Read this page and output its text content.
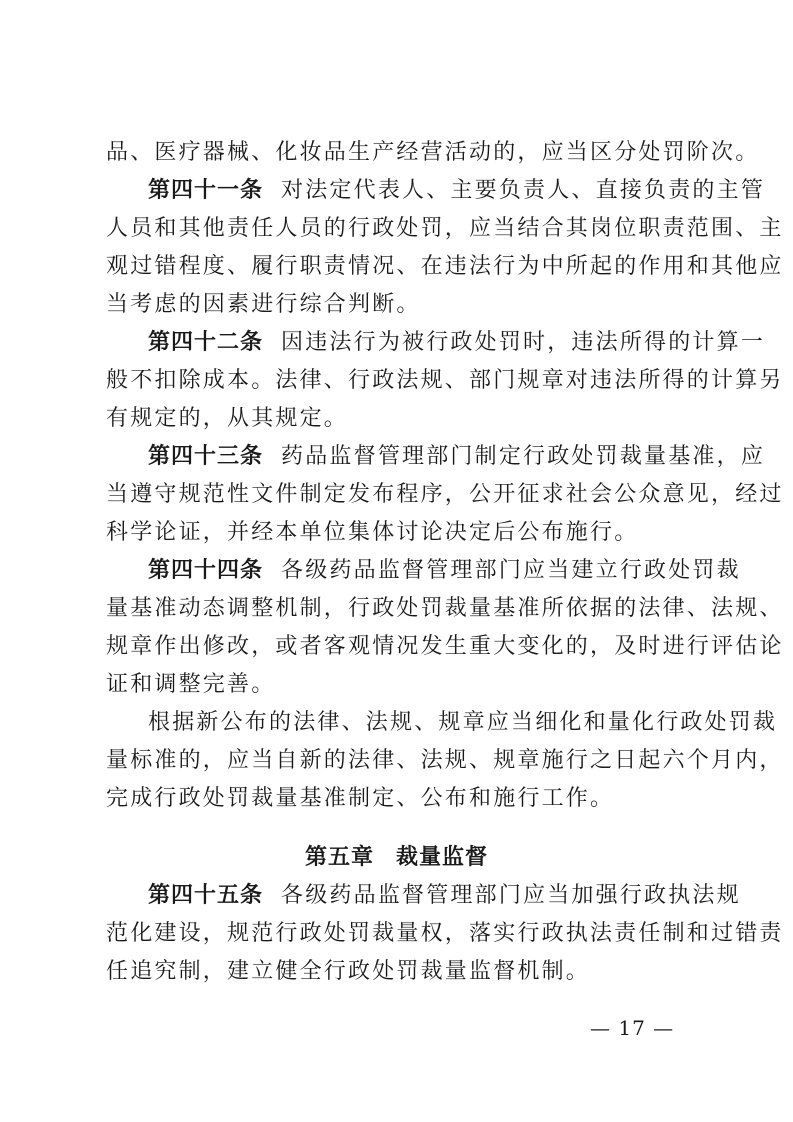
品、医疗器械、化妆品生产经营活动的，应当区分处罚阶次。
第四十一条 对法定代表人、主要负责人、直接负责的主管
人员和其他责任人员的行政处罚，应当结合其岗位职责范围、主
观过错程度、履行职责情况、在违法行为中所起的作用和其他应
当考虑的因素进行综合判断。
第四十二条 因违法行为被行政处罚时，违法所得的计算一
般不扣除成本。法律、行政法规、部门规章对违法所得的计算另
有规定的，从其规定。
第四十三条 药品监督管理部门制定行政处罚裁量基准，应
当遵守规范性文件制定发布程序，公开征求社会公众意见，经过
科学论证，并经本单位集体讨论决定后公布施行。
第四十四条 各级药品监督管理部门应当建立行政处罚裁
量基准动态调整机制，行政处罚裁量基准所依据的法律、法规、
规章作出修改，或者客观情况发生重大变化的，及时进行评估论
证和调整完善。
根据新公布的法律、法规、规章应当细化和量化行政处罚裁
量标准的，应当自新的法律、法规、规章施行之日起六个月内，
完成行政处罚裁量基准制定、公布和施行工作。
第五章 裁量监督
第四十五条 各级药品监督管理部门应当加强行政执法规
范化建设，规范行政处罚裁量权，落实行政执法责任制和过错责
任追究制，建立健全行政处罚裁量监督机制。
— 17 —
